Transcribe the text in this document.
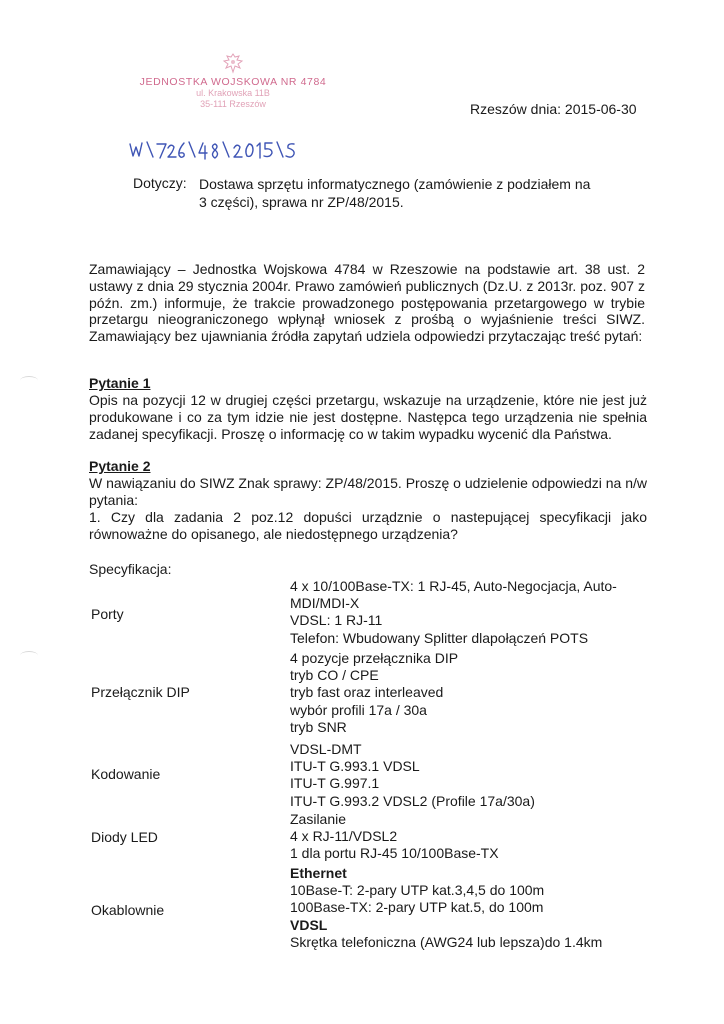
JEDNOSTKA WOJSKOWA NR 4784
ul. Krakowska 11B
35-111 Rzeszów	Rzeszów dnia: 2015-06-30
Dotyczy: Dostawa sprzętu informatycznego (zamówienie z podziałem na
3 części), sprawa nr ZP/48/2015.
Zamawiający – Jednostka Wojskowa 4784 w Rzeszowie na podstawie art. 38 ust. 2 ustawy z dnia 29 stycznia 2004r. Prawo zamówień publicznych (Dz.U. z 2013r. poz. 907 z późn. zm.) informuje, że trakcie prowadzonego postępowania przetargowego w trybie przetargu nieograniczonego wpłynął wniosek z prośbą o wyjaśnienie treści SIWZ. Zamawiający bez ujawniania źródła zapytań udziela odpowiedzi przytaczając treść pytań:
Pytanie 1
Opis na pozycji 12 w drugiej części przetargu, wskazuje na urządzenie, które nie jest już produkowane i co za tym idzie nie jest dostępne. Następca tego urządzenia nie spełnia zadanej specyfikacji. Proszę o informację co w takim wypadku wycenić dla Państwa.
Pytanie 2
W nawiązaniu do SIWZ Znak sprawy: ZP/48/2015. Proszę o udzielenie odpowiedzi na n/w pytania:
1. Czy dla zadania 2 poz.12 dopuści urządznie o nastepującej specyfikacji jako równoważne do opisanego, ale niedostępnego urządzenia?
Specyfikacja:
Porty
4 x 10/100Base-TX: 1 RJ-45, Auto-Negocjacja, Auto-
MDI/MDI-X
VDSL: 1 RJ-11
Telefon: Wbudowany Splitter dlapołączeń POTS
Przełącznik DIP
4 pozycje przełącznika DIP
tryb CO / CPE
tryb fast oraz interleaved
wybór profili 17a / 30a
tryb SNR
Kodowanie
VDSL-DMT
ITU-T G.993.1 VDSL
ITU-T G.997.1
ITU-T G.993.2 VDSL2 (Profile 17a/30a)
Diody LED
Zasilanie
4 x RJ-11/VDSL2
1 dla portu RJ-45 10/100Base-TX
Okablownie
Ethernet
10Base-T: 2-pary UTP kat.3,4,5 do 100m
100Base-TX: 2-pary UTP kat.5, do 100m
VDSL
Skrętka telefoniczna (AWG24 lub lepsza)do 1.4km
